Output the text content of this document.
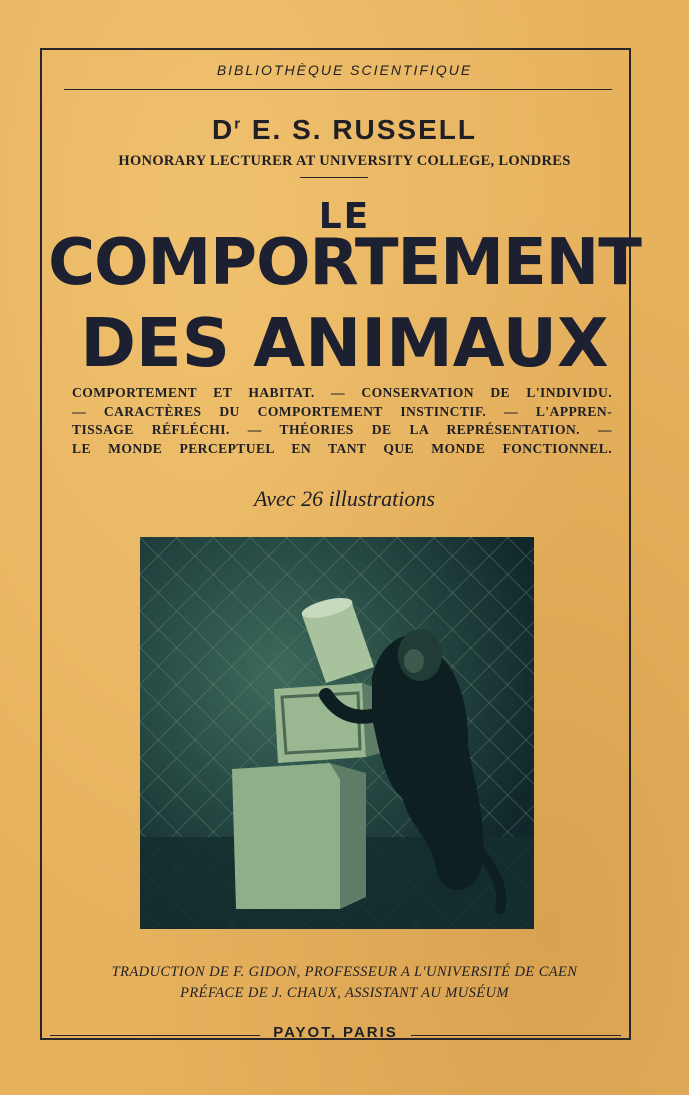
BIBLIOTHÈQUE SCIENTIFIQUE
$D^r$ E. S. RUSSELL
HONORARY LECTURER AT UNIVERSITY COLLEGE, LONDRES
LE
COMPORTEMENT
DES ANIMAUX
COMPORTEMENT ET HABITAT. — CONSERVATION DE L'INDIVIDU.
— CARACTÈRES DU COMPORTEMENT INSTINCTIF. — L'APPREN-
TISSAGE RÉFLÉCHI. — THÉORIES DE LA REPRÉSENTATION. —
LE MONDE PERCEPTUEL EN TANT QUE MONDE FONCTIONNEL.
Avec 26 illustrations
TRADUCTION DE F. GIDON, PROFESSEUR A L'UNIVERSITÉ DE CAEN
PRÉFACE DE J. CHAUX, ASSISTANT AU MUSÉUM
PAYOT, PARIS
